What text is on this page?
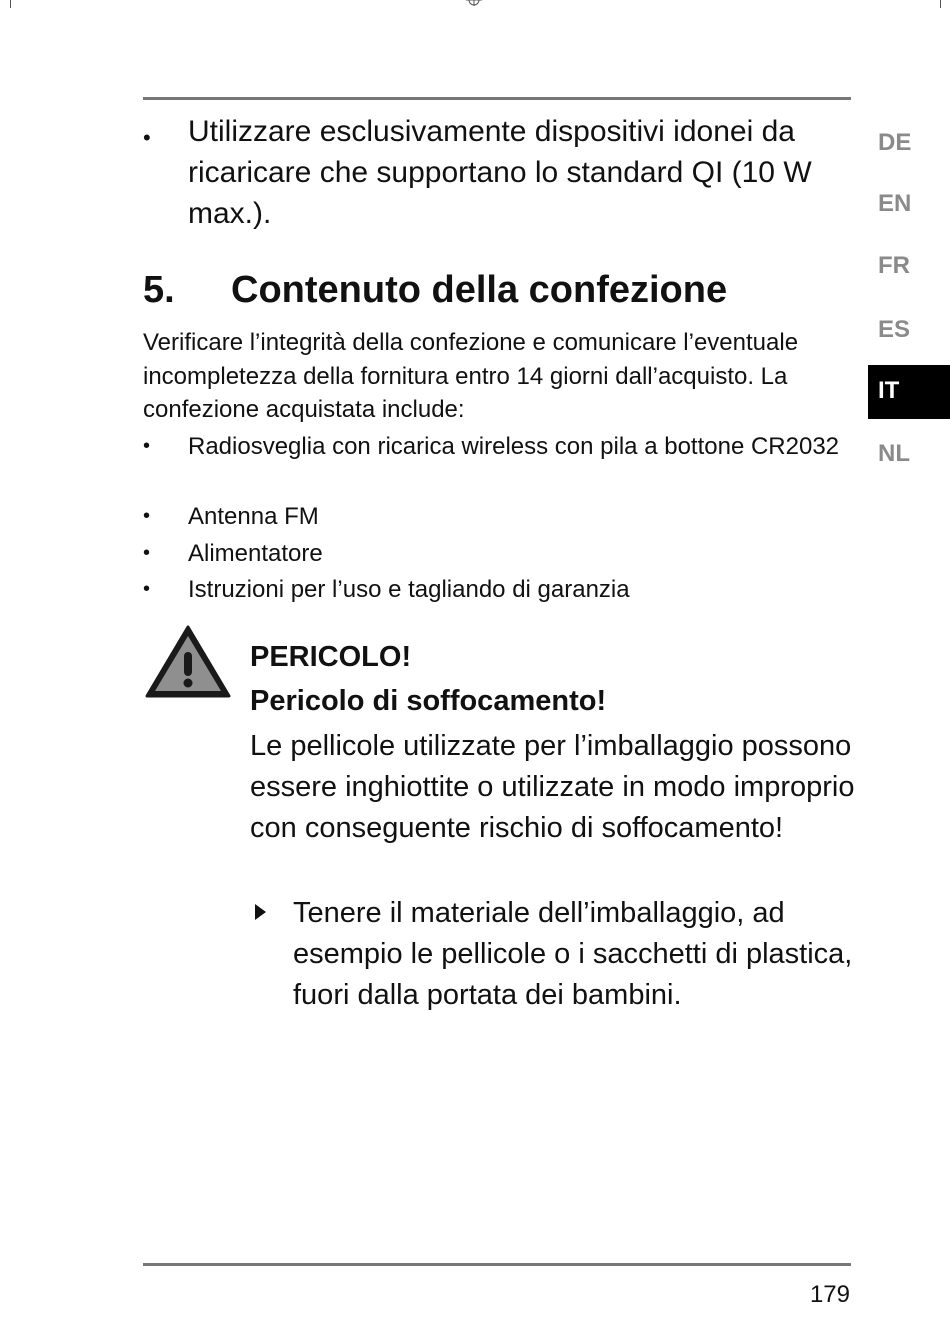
• Utilizzare esclusivamente dispositivi idonei da ricaricare che supportano lo standard QI (10 W max.).
5. Contenuto della confezione
Verificare l’integrità della confezione e comunicare l’eventuale incompletezza della fornitura entro 14 giorni dall’acquisto. La confezione acquistata include:
• Radiosveglia con ricarica wireless con pila a bottone CR2032
• Antenna FM
• Alimentatore
• Istruzioni per l’uso e tagliando di garanzia
PERICOLO!
Pericolo di soffocamento!
Le pellicole utilizzate per l’imballaggio possono essere inghiottite o utilizzate in modo improprio con conseguente rischio di soffocamento!
Tenere il materiale dell’imballaggio, ad esempio le pellicole o i sacchetti di plastica, fuori dalla portata dei bambini.
DE
EN
FR
ES
IT
NL
179
